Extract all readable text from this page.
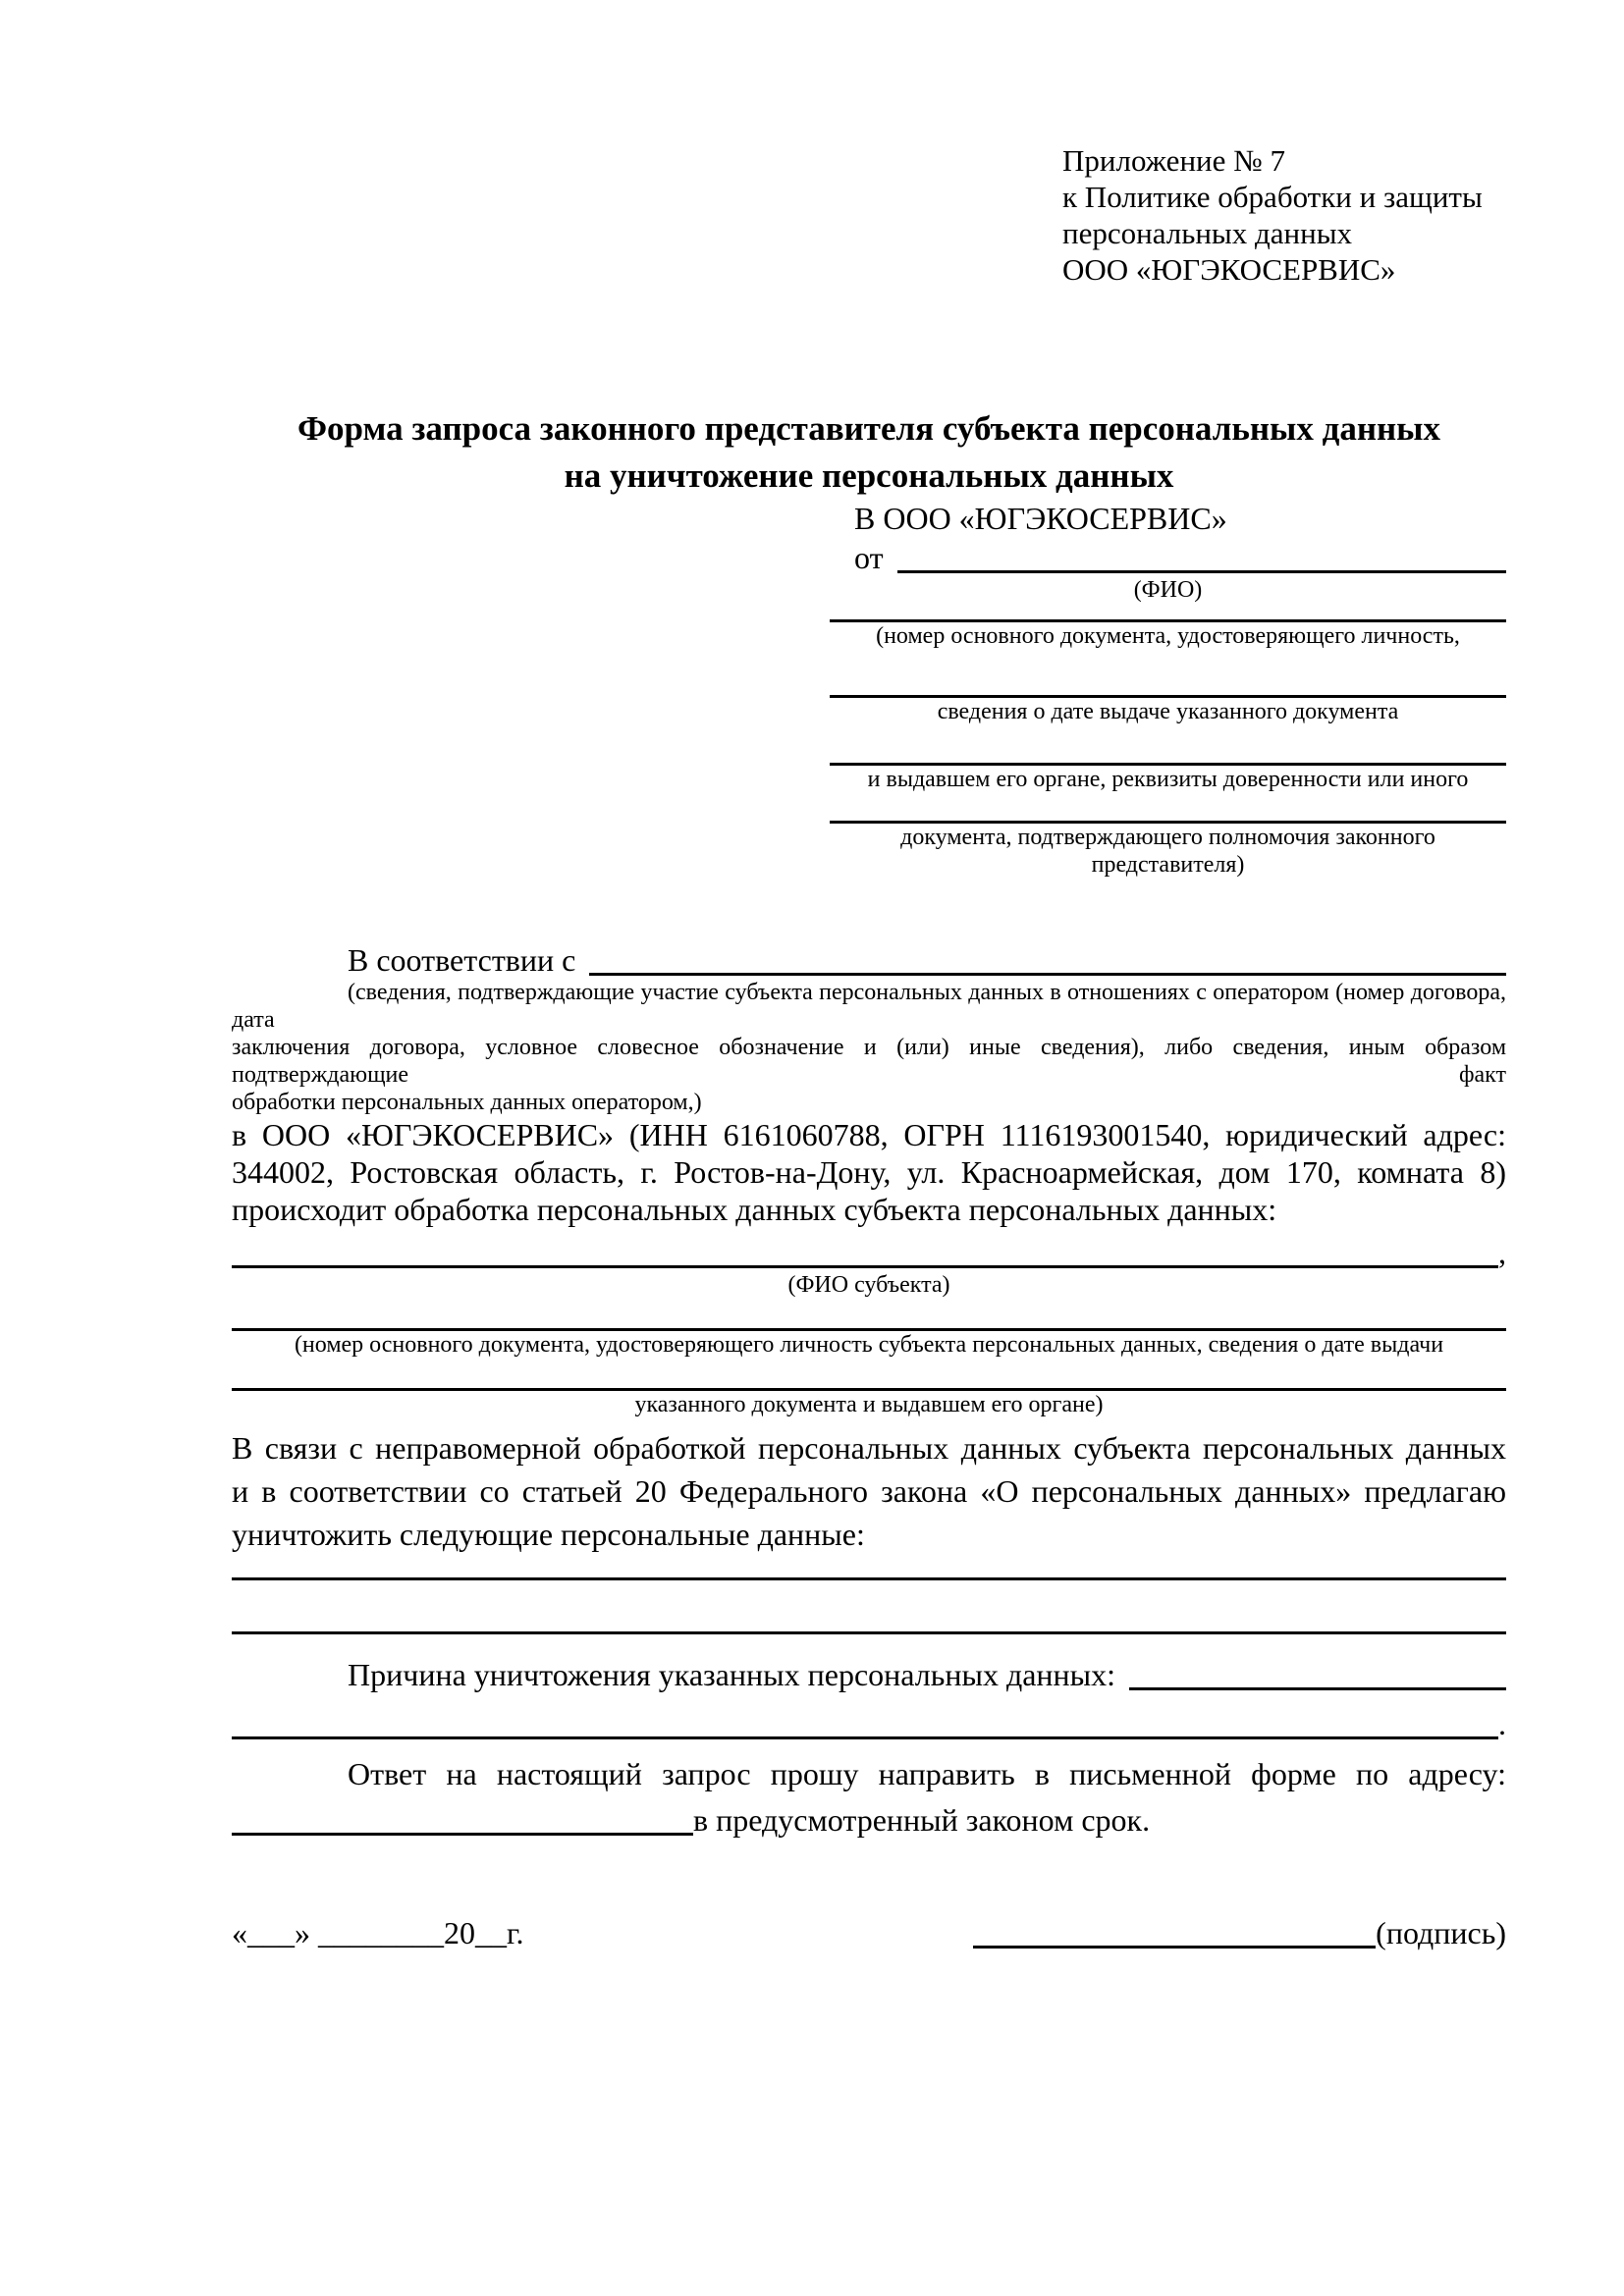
Приложение № 7
к Политике обработки и защиты
персональных данных
ООО «ЮГЭКОСЕРВИС»
Форма запроса законного представителя субъекта персональных данных
на уничтожение персональных данных
В ООО «ЮГЭКОСЕРВИС»
от
(ФИО)
(номер основного документа, удостоверяющего личность,
сведения о дате выдаче указанного документа
и выдавшем его органе, реквизиты доверенности или иного
документа, подтверждающего полномочия законного представителя)
В соответствии с
(сведения, подтверждающие участие субъекта персональных данных в отношениях с оператором (номер договора, дата
заключения договора, условное словесное обозначение и (или) иные сведения), либо сведения, иным образом подтверждающие факт
обработки персональных данных оператором,)
в ООО «ЮГЭКОСЕРВИС» (ИНН 6161060788, ОГРН 1116193001540, юридический адрес:
344002, Ростовская область, г. Ростов-на-Дону, ул. Красноармейская, дом 170, комната 8)
происходит обработка персональных данных субъекта персональных данных:
,
(ФИО субъекта)
(номер основного документа, удостоверяющего личность субъекта персональных данных, сведения о дате выдачи
указанного документа и выдавшем его органе)
В связи с неправомерной обработкой персональных данных субъекта персональных данных
и в соответствии со статьей 20 Федерального закона «О персональных данных» предлагаю
уничтожить следующие персональные данные:
Причина уничтожения указанных персональных данных:
.
Ответ на настоящий запрос прошу направить в письменной форме по адресу:
в предусмотренный законом срок.
«___» ________20__г.	(подпись)
